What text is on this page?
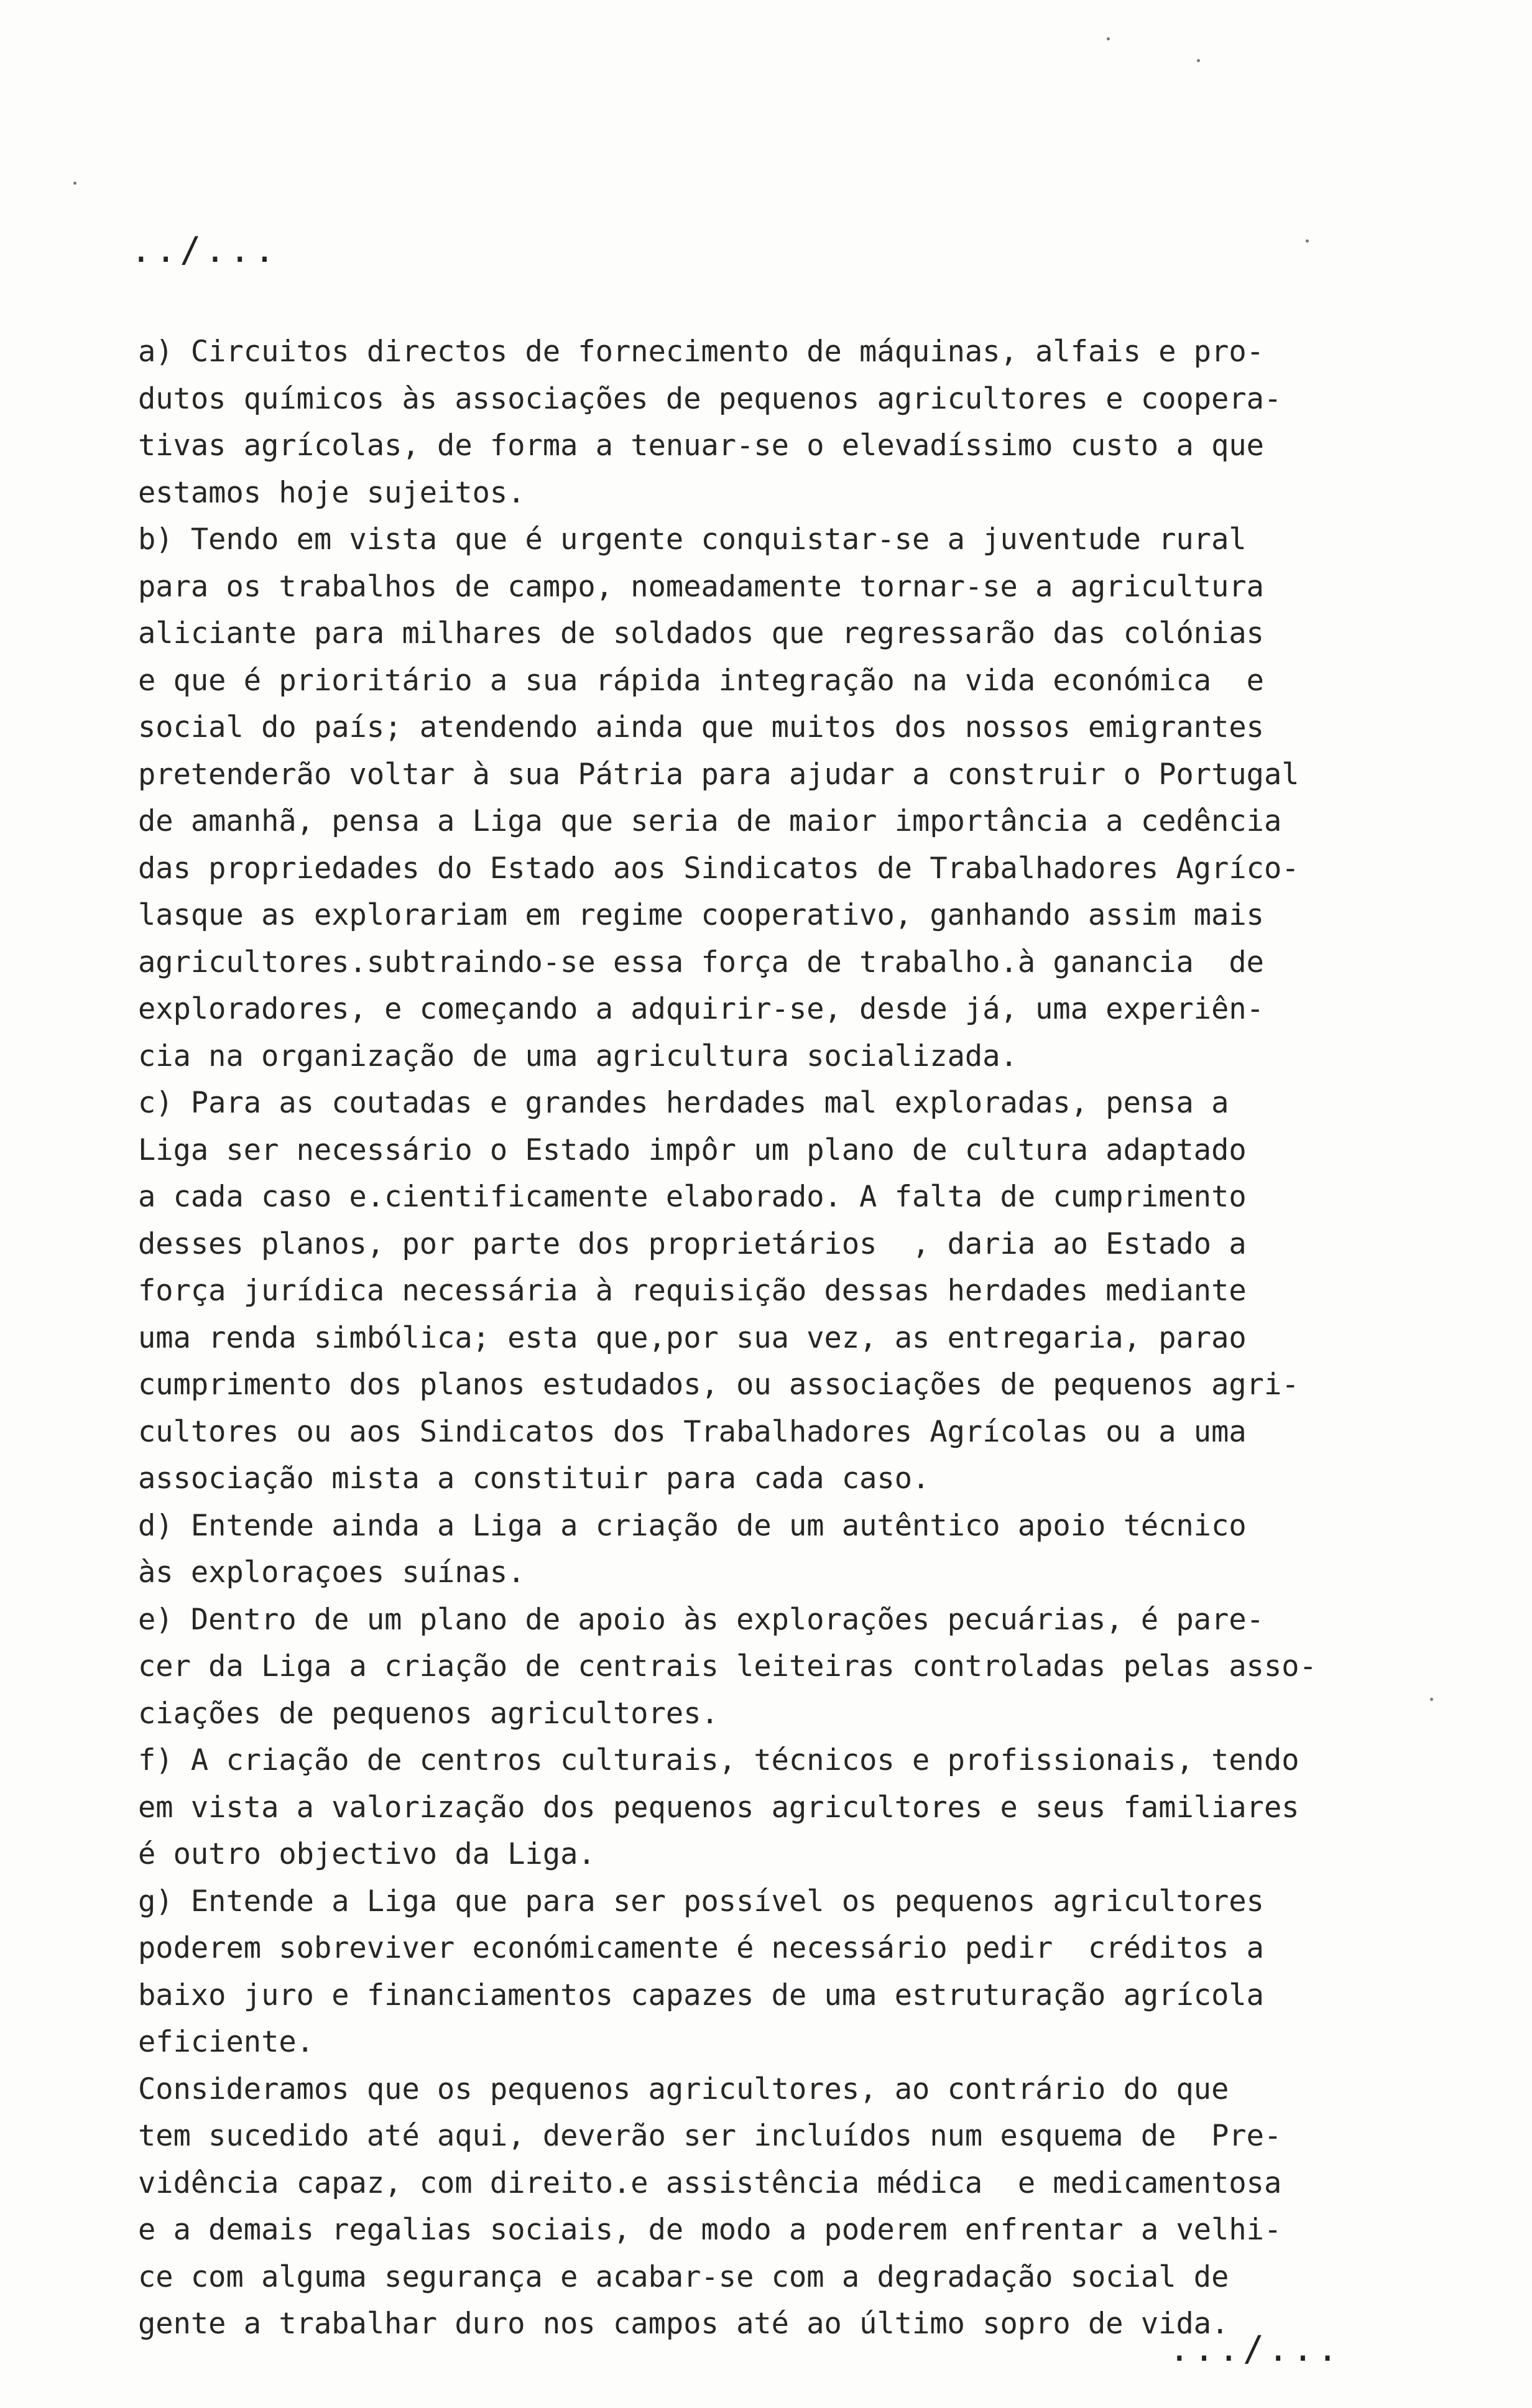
../...
a) Circuitos directos de fornecimento de máquinas, alfais e pro-
dutos químicos às associações de pequenos agricultores e coopera-
tivas agrícolas, de forma a tenuar-se o elevadíssimo custo a que
estamos hoje sujeitos.
b) Tendo em vista que é urgente conquistar-se a juventude rural
para os trabalhos de campo, nomeadamente tornar-se a agricultura
aliciante para milhares de soldados que regressarão das colónias
e que é prioritário a sua rápida integração na vida económica  e
social do país; atendendo ainda que muitos dos nossos emigrantes
pretenderão voltar à sua Pátria para ajudar a construir o Portugal
de amanhã, pensa a Liga que seria de maior importância a cedência
das propriedades do Estado aos Sindicatos de Trabalhadores Agríco-
lasque as explorariam em regime cooperativo, ganhando assim mais
agricultores.subtraindo-se essa força de trabalho.à ganancia  de
exploradores, e começando a adquirir-se, desde já, uma experiên-
cia na organização de uma agricultura socializada.
c) Para as coutadas e grandes herdades mal exploradas, pensa a
Liga ser necessário o Estado impôr um plano de cultura adaptado
a cada caso e.cientificamente elaborado. A falta de cumprimento
desses planos, por parte dos proprietários  , daria ao Estado a
força jurídica necessária à requisição dessas herdades mediante
uma renda simbólica; esta que,por sua vez, as entregaria, parao
cumprimento dos planos estudados, ou associações de pequenos agri-
cultores ou aos Sindicatos dos Trabalhadores Agrícolas ou a uma
associação mista a constituir para cada caso.
d) Entende ainda a Liga a criação de um autêntico apoio técnico
às exploraçoes suínas.
e) Dentro de um plano de apoio às explorações pecuárias, é pare-
cer da Liga a criação de centrais leiteiras controladas pelas asso-
ciações de pequenos agricultores.
f) A criação de centros culturais, técnicos e profissionais, tendo
em vista a valorização dos pequenos agricultores e seus familiares
é outro objectivo da Liga.
g) Entende a Liga que para ser possível os pequenos agricultores
poderem sobreviver económicamente é necessário pedir  créditos a
baixo juro e financiamentos capazes de uma estruturação agrícola
eficiente.
Consideramos que os pequenos agricultores, ao contrário do que
tem sucedido até aqui, deverão ser incluídos num esquema de  Pre-
vidência capaz, com direito.e assistência médica  e medicamentosa
e a demais regalias sociais, de modo a poderem enfrentar a velhi-
ce com alguma segurança e acabar-se com a degradação social de
gente a trabalhar duro nos campos até ao último sopro de vida.
.../...
